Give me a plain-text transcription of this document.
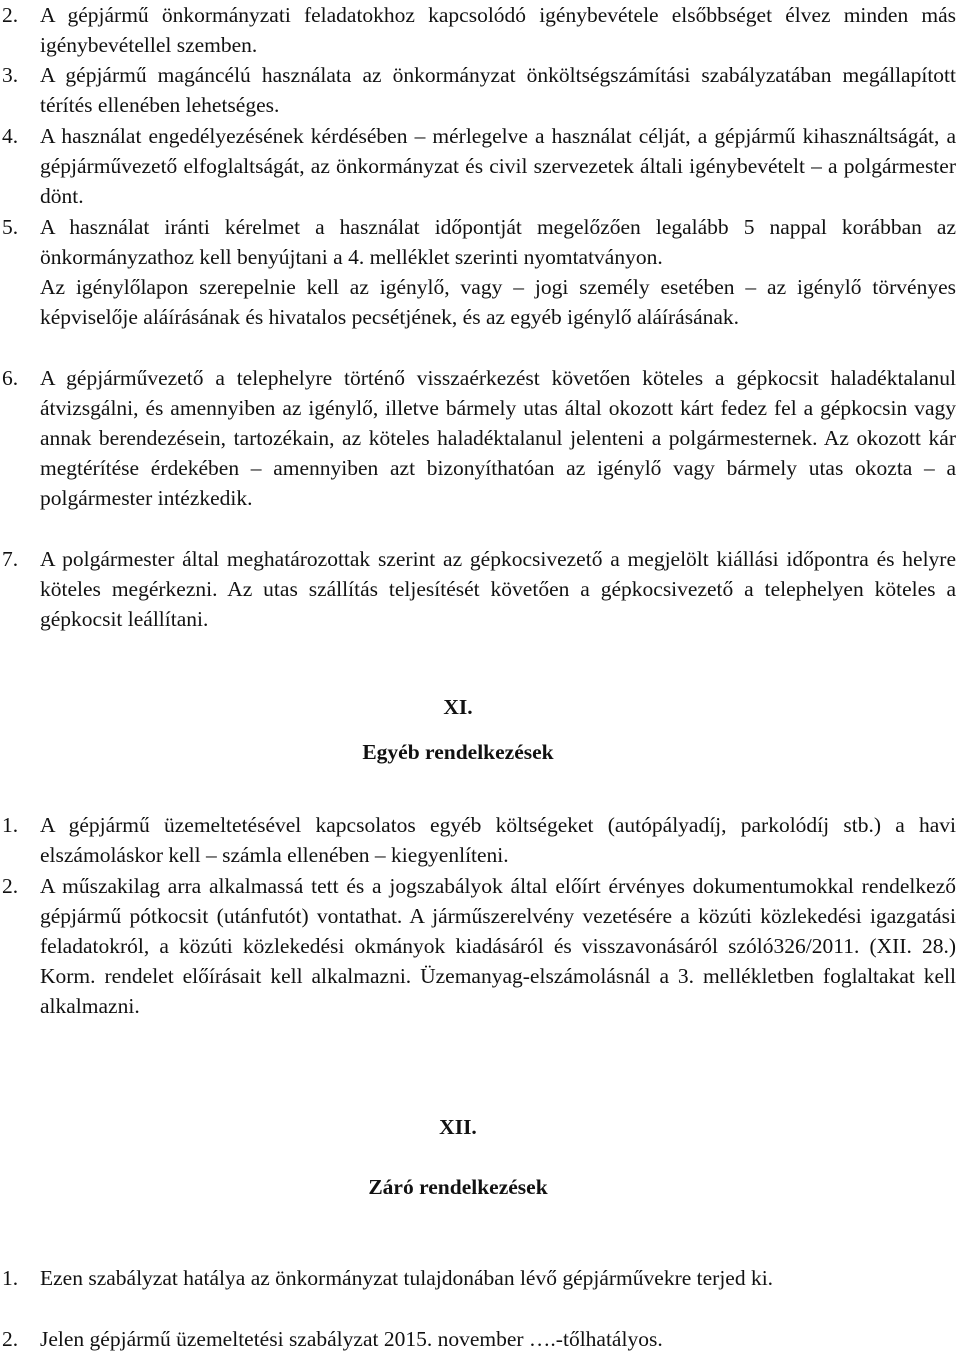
2.	A gépjármű önkormányzati feladatokhoz kapcsolódó igénybevétele elsőbbséget élvez minden más igénybevétellel szemben.
3.	A gépjármű magáncélú használata az önkormányzat önköltségszámítási szabályzatában megállapított térítés ellenében lehetséges.
4.	A használat engedélyezésének kérdésében – mérlegelve a használat célját, a gépjármű kihasználtságát, a gépjárművezető elfoglaltságát, az önkormányzat és civil szervezetek általi igénybevételt – a polgármester dönt.
5.	A használat iránti kérelmet a használat időpontját megelőzően legalább 5 nappal korábban az önkormányzathoz kell benyújtani a 4. melléklet szerinti nyomtatványon.
Az igénylőlapon szerepelnie kell az igénylő, vagy – jogi személy esetében – az igénylő törvényes képviselője aláírásának és hivatalos pecsétjének, és az egyéb igénylő aláírásának.
6.	A gépjárművezető a telephelyre történő visszaérkezést követően köteles a gépkocsit haladéktalanul átvizsgálni, és amennyiben az igénylő, illetve bármely utas által okozott kárt fedez fel a gépkocsin vagy annak berendezésein, tartozékain, az köteles haladéktalanul jelenteni a polgármesternek. Az okozott kár megtérítése érdekében – amennyiben azt bizonyíthatóan az igénylő vagy bármely utas okozta – a polgármester intézkedik.
7.	A polgármester által meghatározottak szerint az gépkocsivezető a megjelölt kiállási időpontra és helyre köteles megérkezni. Az utas szállítás teljesítését követően a gépkocsivezető a telephelyen köteles a gépkocsit leállítani.
XI.
Egyéb rendelkezések
1.	A gépjármű üzemeltetésével kapcsolatos egyéb költségeket (autópályadíj, parkolódíj stb.) a havi elszámoláskor kell – számla ellenében – kiegyenlíteni.
2.	A műszakilag arra alkalmassá tett és a jogszabályok által előírt érvényes dokumentumokkal rendelkező gépjármű pótkocsit (utánfutót) vontathat. A járműszerelvény vezetésére a közúti közlekedési igazgatási feladatokról, a közúti közlekedési okmányok kiadásáról és visszavonásáról szóló326/2011. (XII. 28.) Korm. rendelet előírásait kell alkalmazni. Üzemanyag-elszámolásnál a 3. mellékletben foglaltakat kell alkalmazni.
XII.
Záró rendelkezések
1.	Ezen szabályzat hatálya az önkormányzat tulajdonában lévő gépjárművekre terjed ki.
2.	Jelen gépjármű üzemeltetési szabályzat 2015. november ….-tőlhatályos.
